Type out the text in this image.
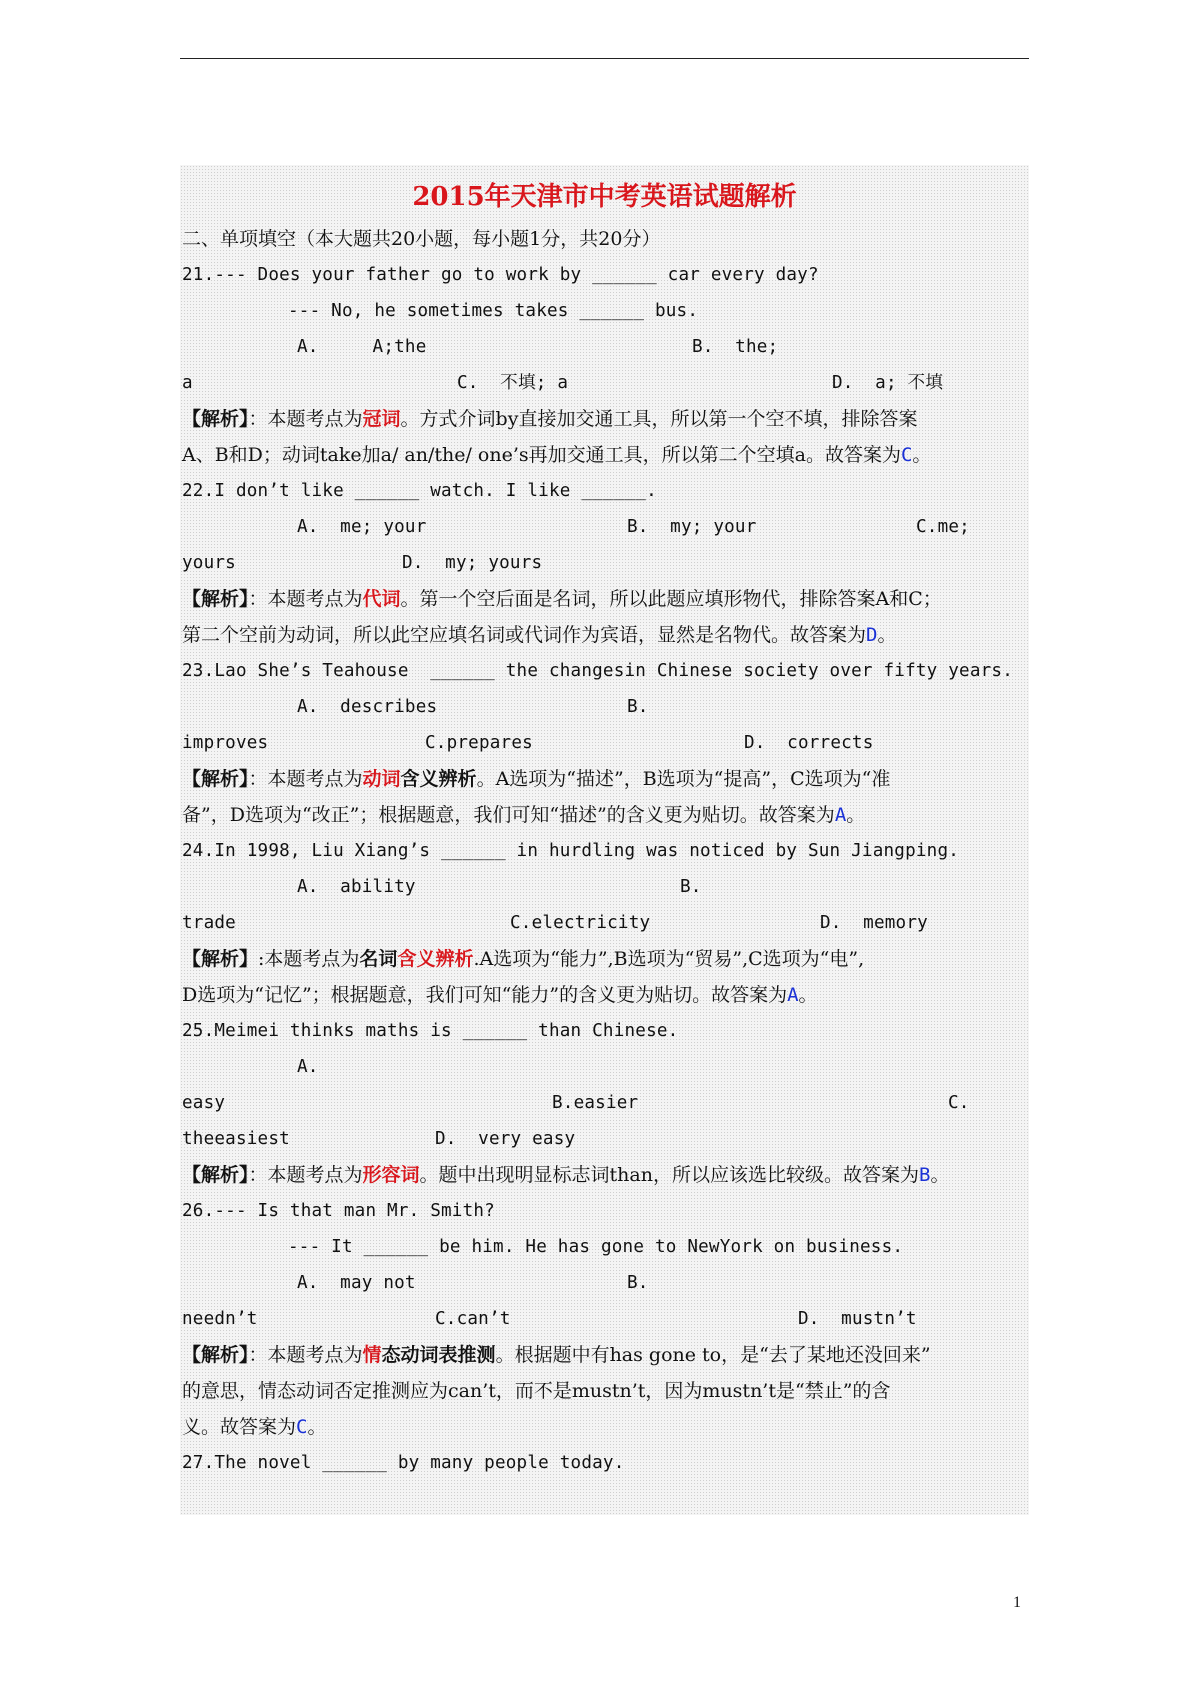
2015年天津市中考英语试题解析
二、单项填空（本大题共20小题，每小题1分，共20分）
21.--- Does your father go to work by ______ car every day?
--- No, he sometimes takes ______ bus.
A.     A;the	B.  the;
a	C.  不填; a	D.  a; 不填
【解析】：本题考点为冠词。方式介词by直接加交通工具，所以第一个空不填，排除答案
A、B和D；动词take加a/ an/the/ one’s再加交通工具，所以第二个空填a。故答案为C。
22.I don’t like ______ watch. I like ______.
A.  me; your	B.  my; your	C.me;
yours	D.  my; yours
【解析】：本题考点为代词。第一个空后面是名词，所以此题应填形物代，排除答案A和C；
第二个空前为动词，所以此空应填名词或代词作为宾语，显然是名物代。故答案为D。
23.Lao She’s Teahouse  ______ the changesin Chinese society over fifty years.
A.  describes	B.
improves	C.prepares	D.  corrects
【解析】：本题考点为动词含义辨析。A选项为“描述”，B选项为“提高”，C选项为“准
备”，D选项为“改正”；根据题意，我们可知“描述”的含义更为贴切。故答案为A。
24.In 1998, Liu Xiang’s ______ in hurdling was noticed by Sun Jiangping.
A.  ability	B.
trade	C.electricity	D.  memory
【解析】:本题考点为名词含义辨析.A选项为“能力”,B选项为“贸易”,C选项为“电”,
D选项为“记忆”；根据题意，我们可知“能力”的含义更为贴切。故答案为A。
25.Meimei thinks maths is ______ than Chinese.
A.
easy	B.easier	C.
theeasiest	D.  very easy
【解析】：本题考点为形容词。题中出现明显标志词than，所以应该选比较级。故答案为B。
26.--- Is that man Mr. Smith?
--- It ______ be him. He has gone to NewYork on business.
A.  may not	B.
needn’t	C.can’t	D.  mustn’t
【解析】：本题考点为情态动词表推测。根据题中有has gone to，是“去了某地还没回来”
的意思，情态动词否定推测应为can’t，而不是mustn’t，因为mustn’t是“禁止”的含
义。故答案为C。
27.The novel ______ by many people today.
1
